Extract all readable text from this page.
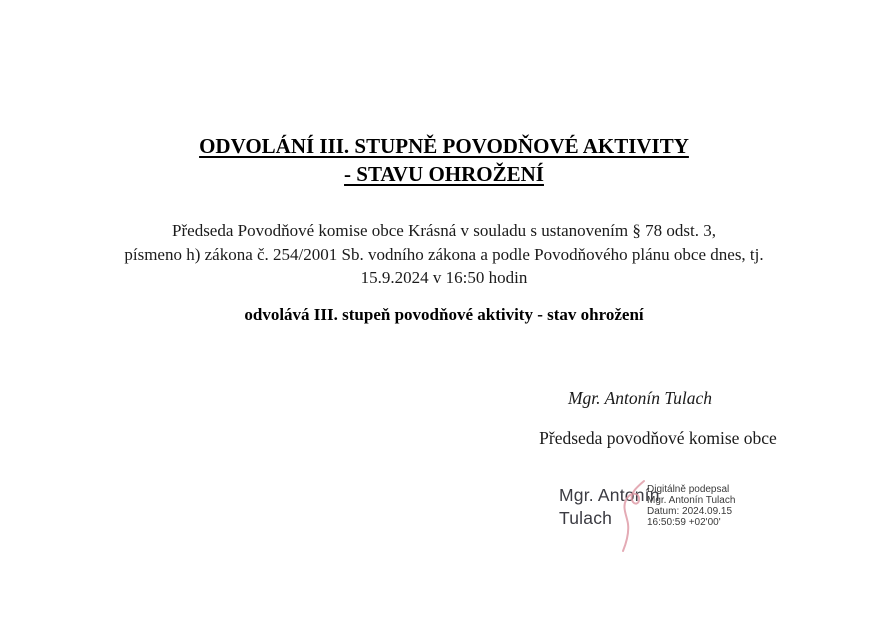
ODVOLÁNÍ III. STUPNĚ POVODŇOVÉ AKTIVITY
- STAVU OHROŽENÍ
Předseda Povodňové komise obce Krásná v souladu s ustanovením § 78 odst. 3,
písmeno h) zákona č. 254/2001 Sb. vodního zákona a podle Povodňového plánu obce dnes, tj.
15.9.2024 v 16:50 hodin
odvolává III. stupeň povodňové aktivity - stav ohrožení
Mgr. Antonín Tulach
Předseda povodňové komise obce
Mgr. Antonín Tulach
Digitálně podepsal
Mgr. Antonín Tulach
Datum: 2024.09.15
16:50:59 +02'00'
